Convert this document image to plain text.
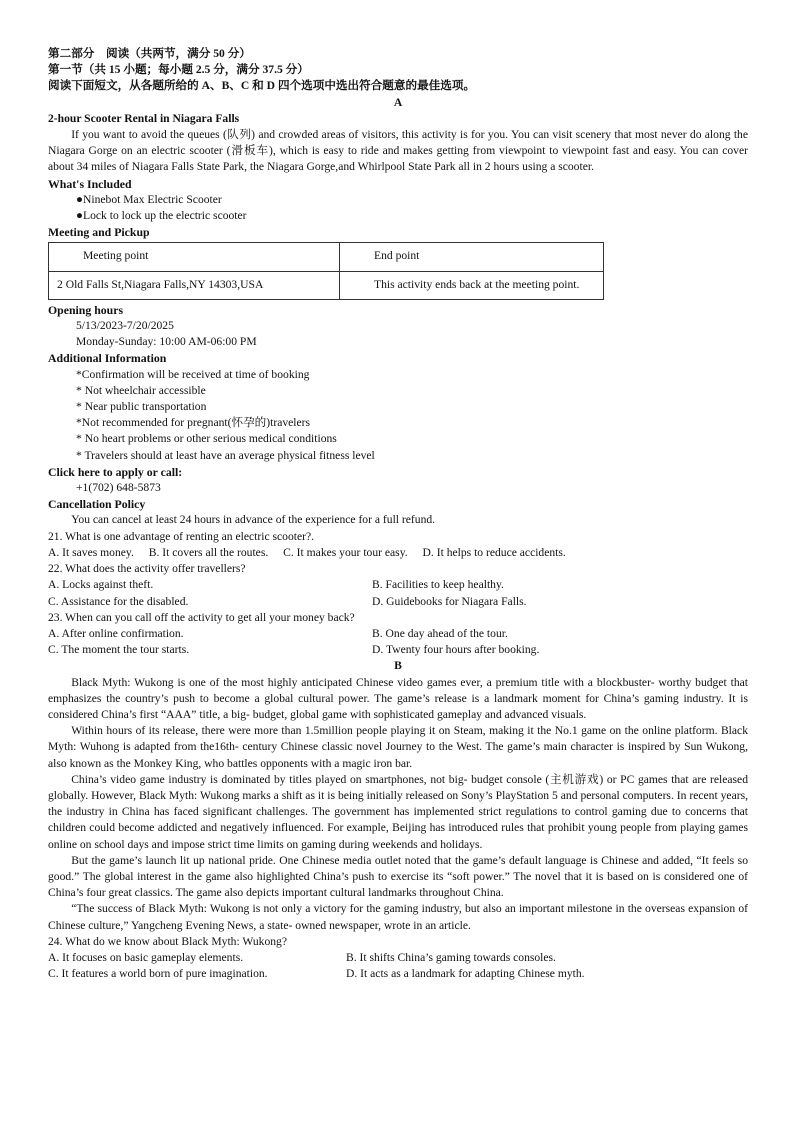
第二部分　阅读（共两节，满分 50 分）

第一节（共 15 小题；每小题 2.5 分，满分 37.5 分）

阅读下面短文，从各题所给的 A、B、C 和 D 四个选项中选出符合题意的最佳选项。

A

2-hour Scooter Rental in Niagara Falls

If you want to avoid the queues (队列) and crowded areas of visitors, this activity is for you. You can visit scenery that most never do along the Niagara Gorge on an electric scooter (滑板车), which is easy to ride and makes getting from viewpoint to viewpoint fast and easy. You can cover about 34 miles of Niagara Falls State Park, the Niagara Gorge,and Whirlpool State Park all in 2 hours using a scooter.

What's Included

●Ninebot Max Electric Scooter

●Lock to lock up the electric scooter

Meeting and Pickup

Meeting point	End point
2 Old Falls St,Niagara Falls,NY 14303,USA	This activity ends back at the meeting point.

Opening hours

5/13/2023-7/20/2025

Monday-Sunday: 10:00 AM-06:00 PM

Additional Information

*Confirmation will be received at time of booking

* Not wheelchair accessible

* Near public transportation

*Not recommended for pregnant(怀孕的)travelers

* No heart problems or other serious medical conditions

* Travelers should at least have an average physical fitness level

Click here to apply or call:

+1(702) 648-5873

Cancellation Policy

You can cancel at least 24 hours in advance of the experience for a full refund.

21. What is one advantage of renting an electric scooter?.

A. It saves money. B. It covers all the routes. C. It makes your tour easy. D. It helps to reduce accidents.

22. What does the activity offer travellers?

A. Locks against theft.	B. Facilities to keep healthy.
C. Assistance for the disabled.	D. Guidebooks for Niagara Falls.

23. When can you call off the activity to get all your money back?

A. After online confirmation.	B. One day ahead of the tour.
C. The moment the tour starts.	D. Twenty four hours after booking.

B

Black Myth: Wukong is one of the most highly anticipated Chinese video games ever, a premium title with a blockbuster- worthy budget that emphasizes the country’s push to become a global cultural power. The game’s release is a landmark moment for China’s gaming industry. It is considered China’s first “AAA” title, a big- budget, global game with sophisticated gameplay and advanced visuals.

Within hours of its release, there were more than 1.5million people playing it on Steam, making it the No.1 game on the online platform. Black Myth: Wuhong is adapted from the16th- century Chinese classic novel Journey to the West. The game’s main character is inspired by Sun Wukong, also known as the Monkey King, who battles opponents with a magic iron bar.

China’s video game industry is dominated by titles played on smartphones, not big- budget console (主机游戏) or PC games that are released globally. However, Black Myth: Wukong marks a shift as it is being initially released on Sony’s PlayStation 5 and personal computers. In recent years, the industry in China has faced significant challenges. The government has implemented strict regulations to control gaming due to concerns that children could become addicted and negatively influenced. For example, Beijing has introduced rules that prohibit young people from playing games online on school days and impose strict time limits on gaming during weekends and holidays.

But the game’s launch lit up national pride. One Chinese media outlet noted that the game’s default language is Chinese and added, “It feels so good.” The global interest in the game also highlighted China’s push to exercise its “soft power.” The novel that it is based on is considered one of China’s four great classics. The game also depicts important cultural landmarks throughout China.

“The success of Black Myth: Wukong is not only a victory for the gaming industry, but also an important milestone in the overseas expansion of Chinese culture,” Yangcheng Evening News, a state- owned newspaper, wrote in an article.

24. What do we know about Black Myth: Wukong?

A. It focuses on basic gameplay elements.	B. It shifts China’s gaming towards consoles.
C. It features a world born of pure imagination.	D. It acts as a landmark for adapting Chinese myth.
